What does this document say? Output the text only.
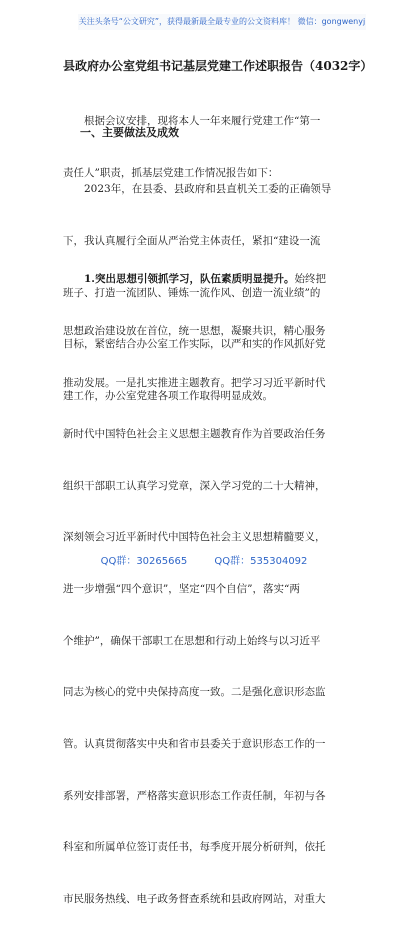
关注头条号“公文研究”，获得最新最全最专业的公文资料库！ 微信：gongwenyj
县政府办公室党组书记基层党建工作述职报告（4032字）

根据会议安排，现将本人一年来履行党建工作“第一

责任人”职责，抓基层党建工作情况报告如下：

一、主要做法及成效

2023年，在县委、县政府和县直机关工委的正确领导

下，我认真履行全面从严治党主体责任，紧扣“建设一流

班子、打造一流团队、锤炼一流作风、创造一流业绩”的

目标，紧密结合办公室工作实际，以严和实的作风抓好党

建工作，办公室党建各项工作取得明显成效。

1.突出思想引领抓学习，队伍素质明显提升。始终把

思想政治建设放在首位，统一思想，凝聚共识，精心服务

推动发展。一是扎实推进主题教育。把学习习近平新时代

新时代中国特色社会主义思想主题教育作为首要政治任务

组织干部职工认真学习党章，深入学习党的二十大精神，

深刻领会习近平新时代中国特色社会主义思想精髓要义，

进一步增强“四个意识”，坚定“四个自信”，落实“两

个维护”，确保干部职工在思想和行动上始终与以习近平

同志为核心的党中央保持高度一致。二是强化意识形态监

管。认真贯彻落实中央和省市县委关于意识形态工作的一

系列安排部署，严格落实意识形态工作责任制，年初与各

科室和所属单位签订责任书，每季度开展分析研判，依托

市民服务热线、电子政务督查系统和县政府网站，对重大

QQ群：30265665	QQ群：535304092
